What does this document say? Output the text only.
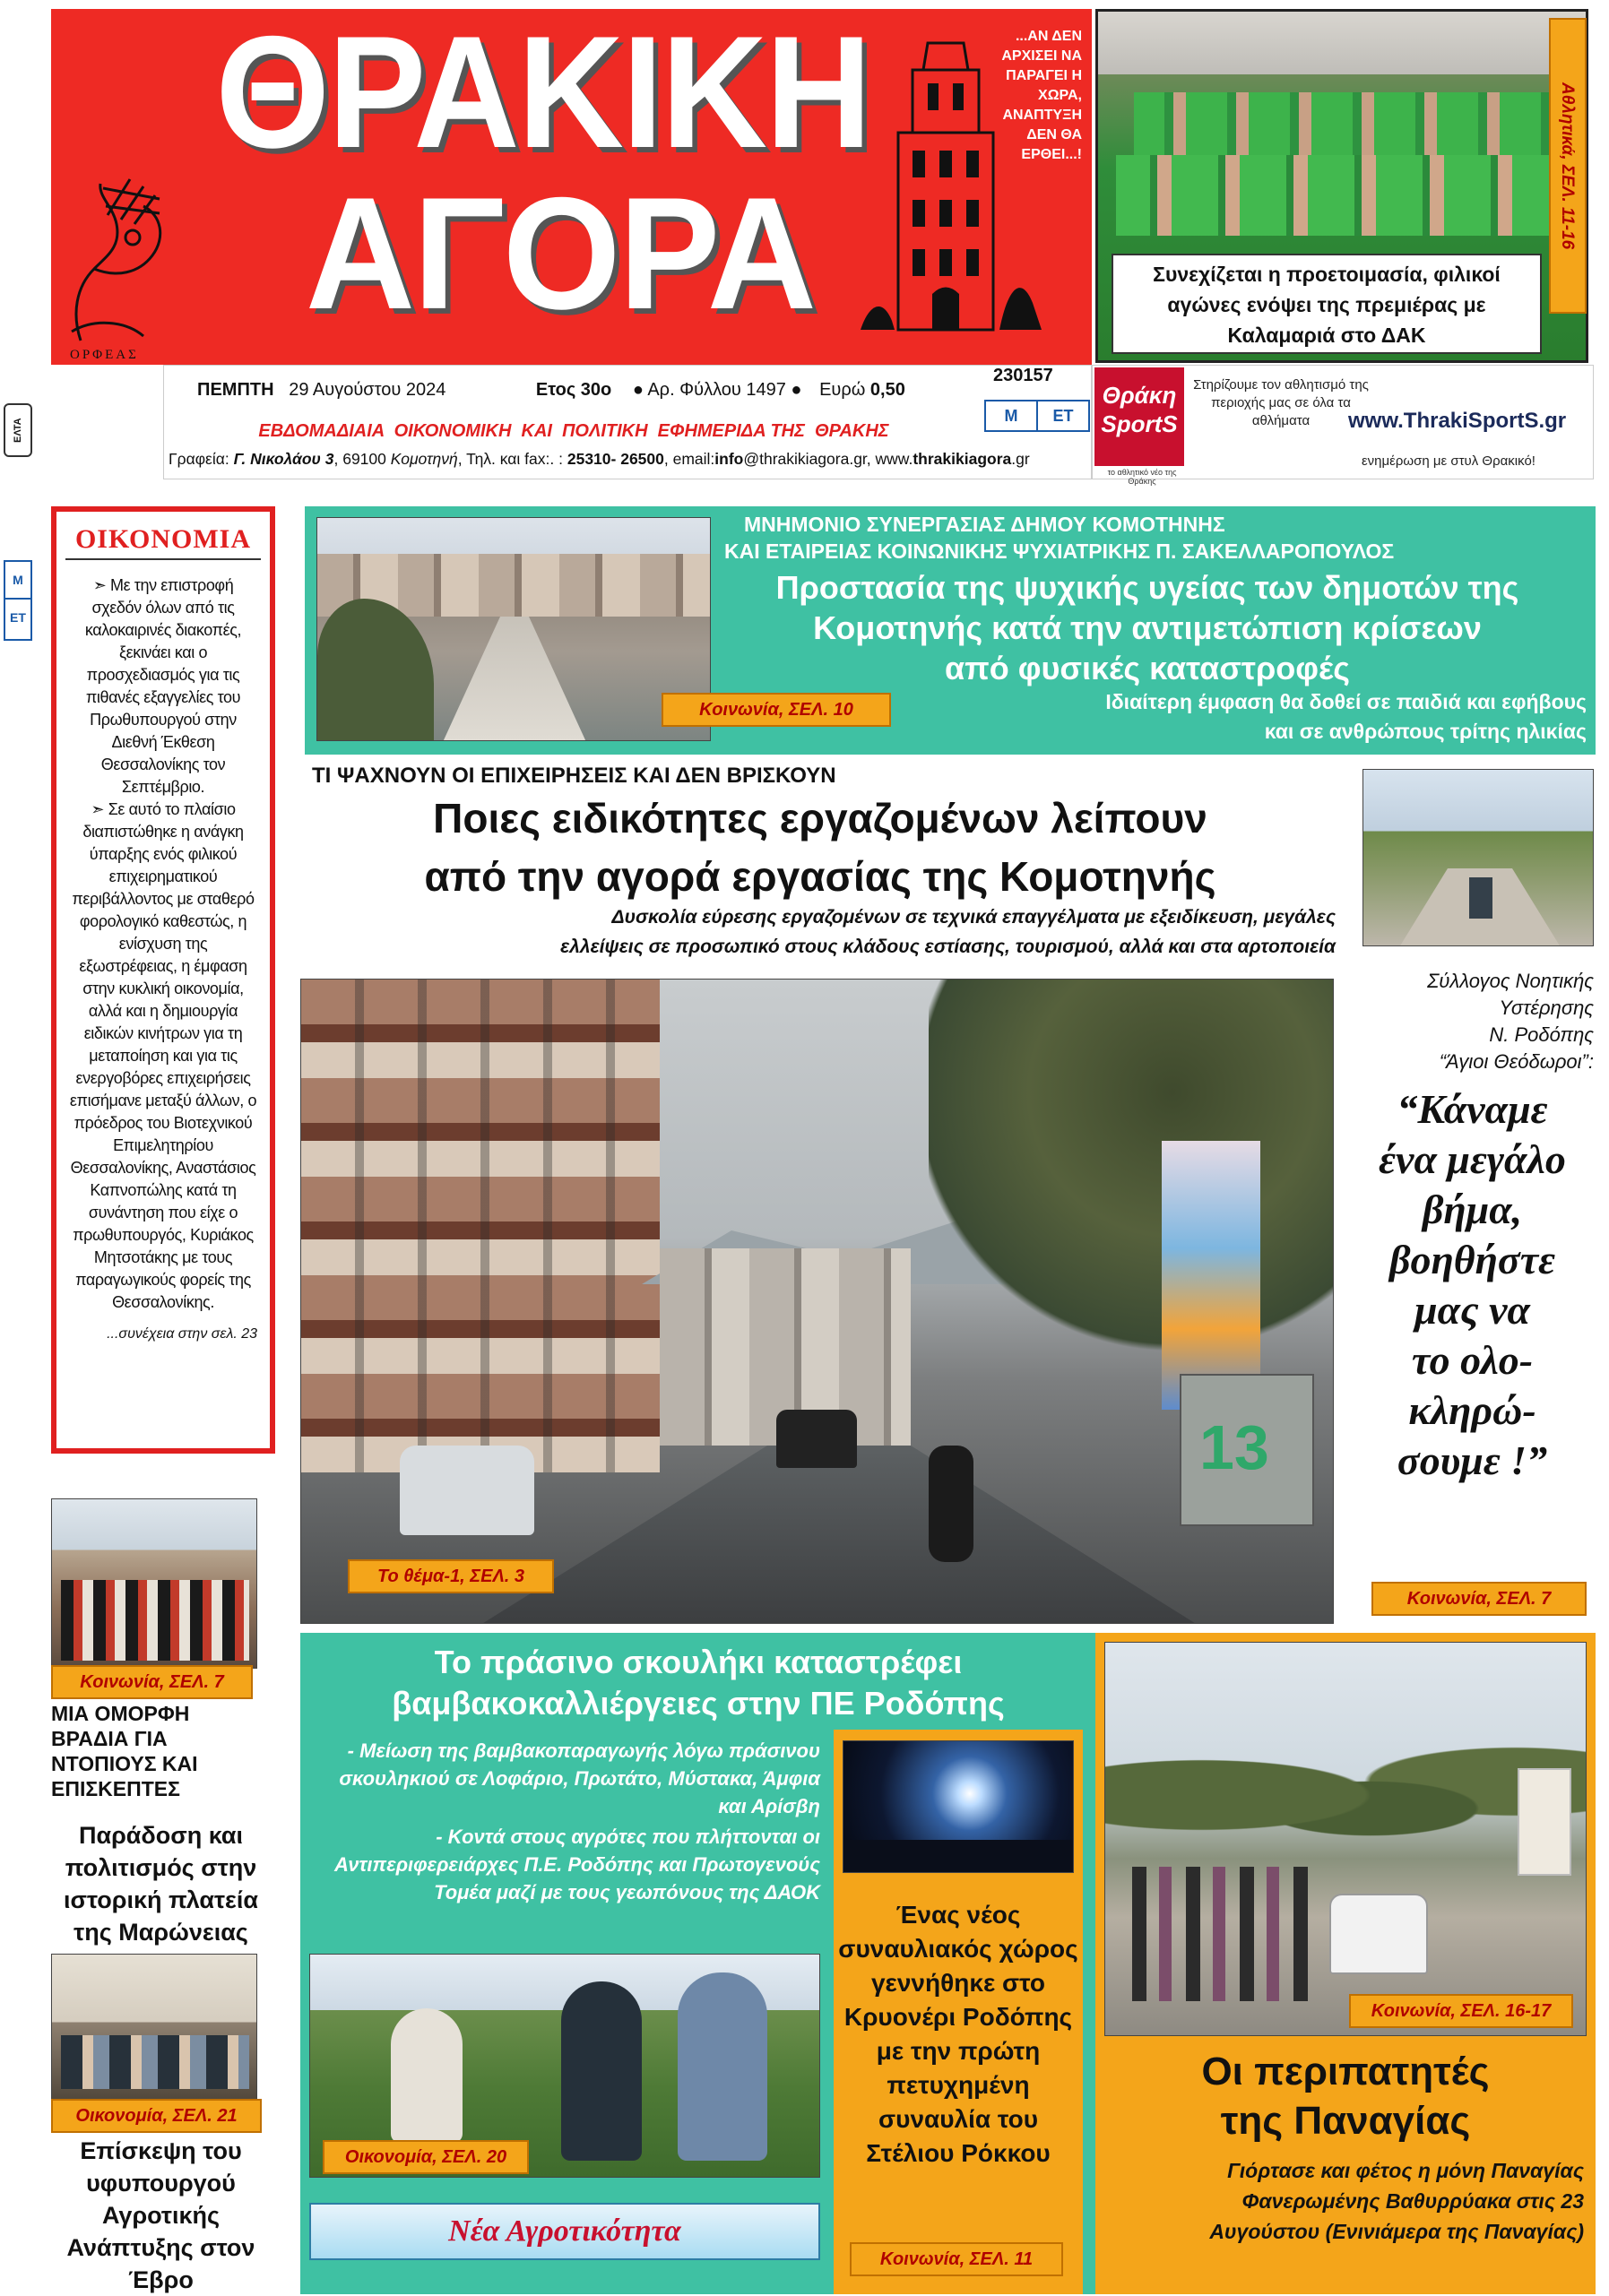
ΟΡΦΕΑΣ
ΘΡΑΚΙΚΗ
ΑΓΟΡΑ
...ΑΝ ΔΕΝ ΑΡΧΙΣΕΙ ΝΑ ΠΑΡΑΓΕΙ Η ΧΩΡΑ, ΑΝΑΠΤΥΞΗ ΔΕΝ ΘΑ ΕΡΘΕΙ...!
ΠΕΜΠΤΗ 29 Αυγούστου 2024	Ετος 30ο ● Αρ. Φύλλου 1497 ● Ευρώ 0,50
230157
Μ	ΕΤ
ΕΒΔΟΜΑΔΙΑΙΑ  ΟΙΚΟΝΟΜΙΚΗ  ΚΑΙ  ΠΟΛΙΤΙΚΗ  ΕΦΗΜΕΡΙΔΑ ΤΗΣ  ΘΡΑΚΗΣ
Γραφεία: Γ. Νικολάου 3, 69100 Κομοτηνή, Τηλ. και fax:. : 25310- 26500, email:info@thrakikiagora.gr, www.thrakikiagora.gr
ΕΛΤΑ
Μ
ΕΤ
Αθλητικά, ΣΕΛ. 11-16
Συνεχίζεται η προετοιμασία, φιλικοί αγώνες ενόψει της πρεμιέρας με Καλαμαριά στο ΔΑΚ
Θράκη
SportS
το αθλητικό νέο της Θράκης
Στηρίζουμε τον αθλητισμό της περιοχής μας σε όλα τα αθλήματα	www.ThrakiSportS.gr
ενημέρωση με στυλ Θρακικό!
ΟΙΚΟΝΟΜΙΑ
➣ Με την επιστροφή σχεδόν όλων από τις καλοκαιρινές διακοπές, ξεκινάει και ο προσχεδιασμός για τις πιθανές εξαγγελίες του Πρωθυπουργού στην Διεθνή Έκθεση Θεσσαλονίκης τον Σεπτέμβριο.
➣ Σε αυτό το πλαίσιο διαπιστώθηκε η ανάγκη ύπαρξης ενός φιλικού επιχειρηματικού περιβάλλοντος με σταθερό φορολογικό καθεστώς, η ενίσχυση της εξωστρέφειας, η έμφαση στην κυκλική οικονομία, αλλά και η δημιουργία ειδικών κινήτρων για τη μεταποίηση και για τις ενεργοβόρες επιχειρήσεις επισήμανε μεταξύ άλλων, ο πρόεδρος του Βιοτεχνικού Επιμελητηρίου Θεσσαλονίκης, Αναστάσιος Καπνοπώλης κατά τη συνάντηση που είχε ο πρωθυπουργός, Κυριάκος Μητσοτάκης με τους παραγωγικούς φορείς της Θεσσαλονίκης.
...συνέχεια στην σελ. 23
Κοινωνία, ΣΕΛ. 10
ΜΝΗΜΟΝΙΟ ΣΥΝΕΡΓΑΣΙΑΣ ΔΗΜΟΥ ΚΟΜΟΤΗΝΗΣ
ΚΑΙ ΕΤΑΙΡΕΙΑΣ ΚΟΙΝΩΝΙΚΗΣ ΨΥΧΙΑΤΡΙΚΗΣ Π. ΣΑΚΕΛΛΑΡΟΠΟΥΛΟΣ
Προστασία της ψυχικής υγείας των δημοτών της
Κομοτηνής κατά την αντιμετώπιση κρίσεων
από φυσικές καταστροφές
Ιδιαίτερη έμφαση θα δοθεί σε παιδιά και εφήβους
και σε ανθρώπους τρίτης ηλικίας
ΤΙ ΨΑΧΝΟΥΝ ΟΙ ΕΠΙΧΕΙΡΗΣΕΙΣ ΚΑΙ ΔΕΝ ΒΡΙΣΚΟΥΝ
Ποιες ειδικότητες εργαζομένων λείπουν
από την αγορά εργασίας της Κομοτηνής
Δυσκολία εύρεσης εργαζομένων σε τεχνικά επαγγέλματα με εξειδίκευση, μεγάλες
ελλείψεις σε προσωπικό στους κλάδους εστίασης, τουρισμού, αλλά και στα αρτοποιεία
13
Το θέμα-1, ΣΕΛ. 3
Σύλλογος Νοητικής
Υστέρησης
Ν. Ροδόπης
“Άγιοι Θεόδωροι”:
“Κάναμε
ένα μεγάλο
βήμα,
βοηθήστε
μας να
το ολο-
κληρώ-
σουμε !”
Κοινωνία, ΣΕΛ. 7
Κοινωνία, ΣΕΛ. 7
ΜΙΑ ΟΜΟΡΦΗ ΒΡΑΔΙΑ ΓΙΑ ΝΤΟΠΙΟΥΣ ΚΑΙ ΕΠΙΣΚΕΠΤΕΣ
Παράδοση και πολιτισμός στην ιστορική πλατεία της Μαρώνειας
Οικονομία, ΣΕΛ. 21
Επίσκεψη του υφυπουργού Αγροτικής Ανάπτυξης στον Έβρο
Το πράσινο σκουλήκι καταστρέφει
βαμβακοκαλλιέργειες στην ΠΕ Ροδόπης
- Μείωση της βαμβακοπαραγωγής λόγω πράσινου σκουληκιού σε Λοφάριο, Πρωτάτο, Μύστακα, Άμφια και Αρίσβη
- Κοντά στους αγρότες που πλήττονται οι Αντιπεριφερειάρχες Π.Ε. Ροδόπης και Πρωτογενούς Τομέα μαζί με τους γεωπόνους της ΔΑΟΚ
Οικονομία, ΣΕΛ. 20
Νέα Αγροτικότητα
Ένας νέος συναυλιακός χώρος γεννήθηκε στο Κρυονέρι Ροδόπης με την πρώτη πετυχημένη συναυλία του Στέλιου Ρόκκου
Κοινωνία, ΣΕΛ. 11
Κοινωνία, ΣΕΛ. 16-17
Οι περιπατητές
της Παναγίας
Γιόρτασε και φέτος η μόνη Παναγίας
Φανερωμένης Βαθυρρύακα στις 23
Αυγούστου (Ενινιάμερα της Παναγίας)
